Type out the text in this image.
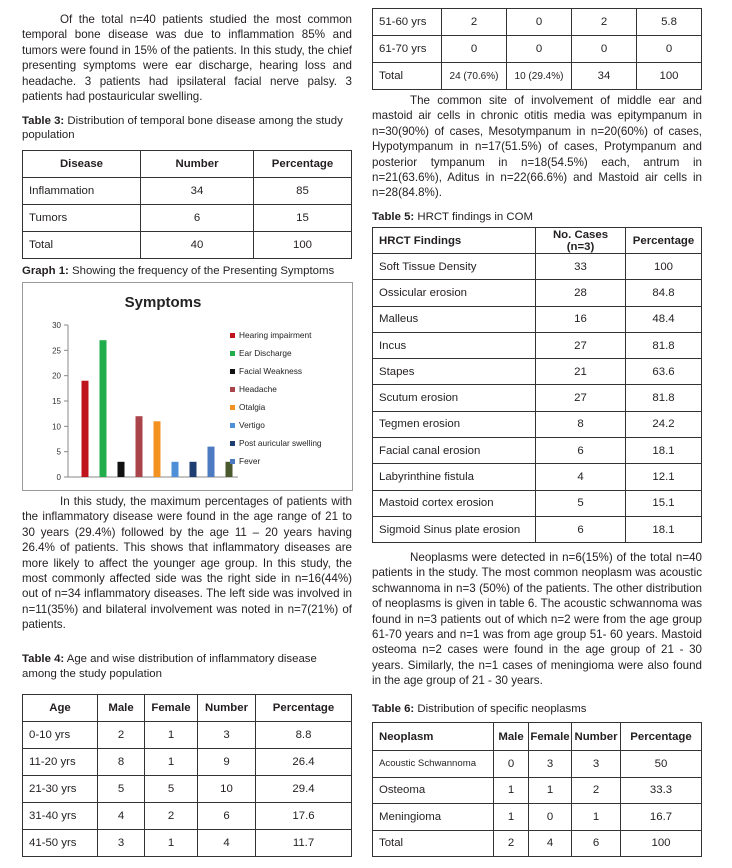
Of the total n=40 patients studied the most common temporal bone disease was due to inflammation 85% and tumors were found in 15% of the patients. In this study, the chief presenting symptoms were ear discharge, hearing loss and headache. 3 patients had ipsilateral facial nerve palsy. 3 patients had postauricular swelling.

Table 3: Distribution of temporal bone disease among the study population

Disease	Number	Percentage
Inflammation	34	85
Tumors	6	15
Total	40	100

Graph 1: Showing the frequency of the Presenting Symptoms

Symptoms
0
5
10
15
20
25
30
Hearing impairment
Ear Discharge
Facial Weakness
Headache
Otalgia
Vertigo
Post auricular swelling
Fever

In this study, the maximum percentages of patients with the inflammatory disease were found in the age range of 21 to 30 years (29.4%) followed by the age 11 – 20 years having 26.4% of patients. This shows that inflammatory diseases are more likely to affect the younger age group. In this study, the most commonly affected side was the right side in n=16(44%) out of n=34 inflammatory diseases. The left side was involved in n=11(35%) and bilateral involvement was noted in n=7(21%) of patients.

Table 4: Age and wise distribution of inflammatory disease among the study population

Age	Male	Female	Number	Percentage
0-10 yrs	2	1	3	8.8
11-20 yrs	8	1	9	26.4
21-30 yrs	5	5	10	29.4
31-40 yrs	4	2	6	17.6
41-50 yrs	3	1	4	11.7
51-60 yrs	2	0	2	5.8
61-70 yrs	0	0	0	0
Total	24 (70.6%)	10 (29.4%)	34	100

The common site of involvement of middle ear and mastoid air cells in chronic otitis media was epitympanum in n=30(90%) of cases, Mesotympanum in n=20(60%) of cases, Hypotympanum in n=17(51.5%) of cases, Protympanum and posterior tympanum in n=18(54.5%) each, antrum in n=21(63.6%), Aditus in n=22(66.6%) and Mastoid air cells in n=28(84.8%).

Table 5: HRCT findings in COM

HRCT Findings	No. Cases (n=3)	Percentage
Soft Tissue Density	33	100
Ossicular erosion	28	84.8
Malleus	16	48.4
Incus	27	81.8
Stapes	21	63.6
Scutum erosion	27	81.8
Tegmen erosion	8	24.2
Facial canal erosion	6	18.1
Labyrinthine fistula	4	12.1
Mastoid cortex erosion	5	15.1
Sigmoid Sinus plate erosion	6	18.1

Neoplasms were detected in n=6(15%) of the total n=40 patients in the study. The most common neoplasm was acoustic schwannoma in n=3 (50%) of the patients. The other distribution of neoplasms is given in table 6. The acoustic schwannoma was found in n=3 patients out of which n=2 were from the age group 61-70 years and n=1 was from age group 51- 60 years. Mastoid osteoma n=2 cases were found in the age group of 21 - 30 years. Similarly, the n=1 cases of meningioma were also found in the age group of 21 - 30 years.

Table 6: Distribution of specific neoplasms

Neoplasm	Male	Female	Number	Percentage
Acoustic Schwannoma	0	3	3	50
Osteoma	1	1	2	33.3
Meningioma	1	0	1	16.7
Total	2	4	6	100
